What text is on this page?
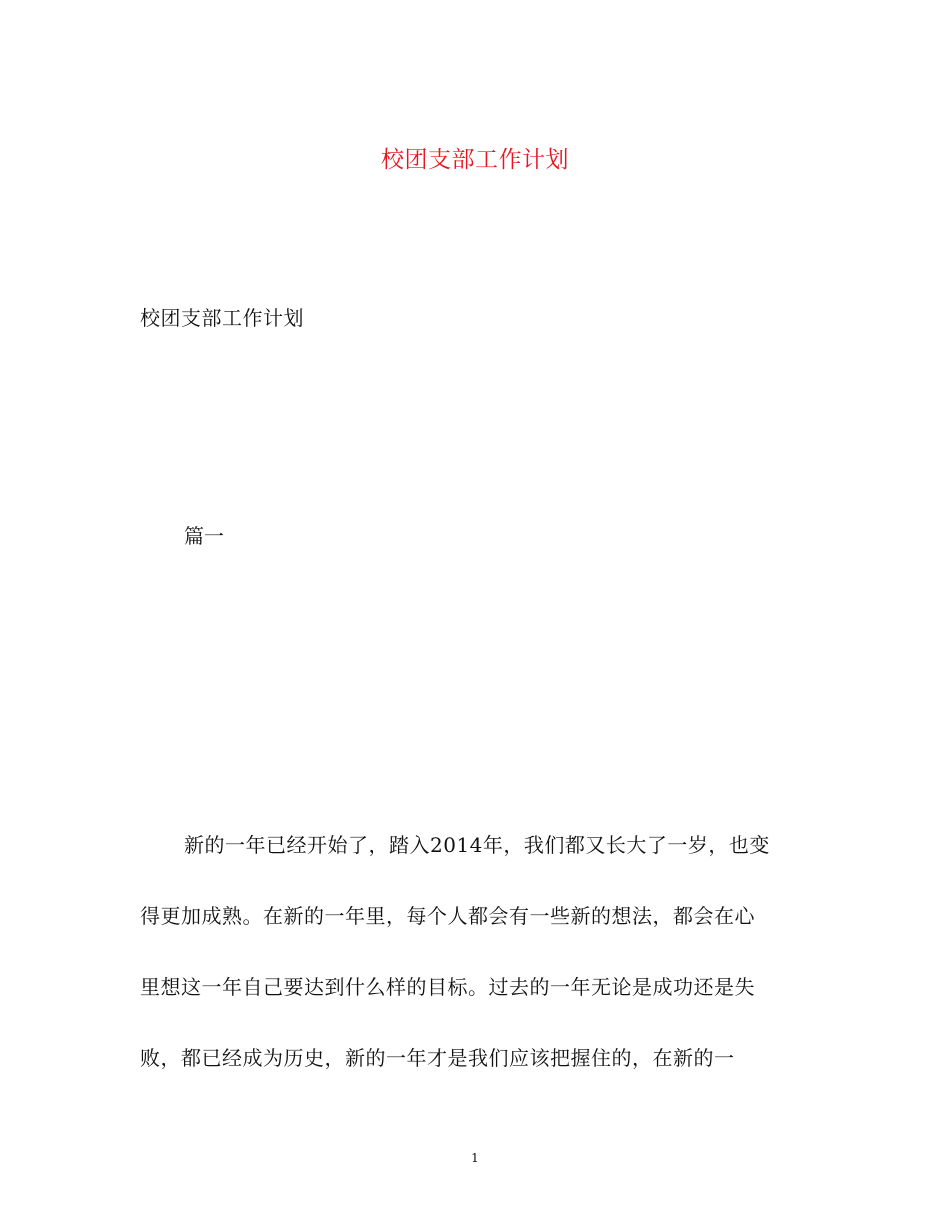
校团支部工作计划
校团支部工作计划
篇一
新的一年已经开始了，踏入2014年，我们都又长大了一岁，也变
得更加成熟。在新的一年里，每个人都会有一些新的想法，都会在心
里想这一年自己要达到什么样的目标。过去的一年无论是成功还是失
败，都已经成为历史，新的一年才是我们应该把握住的，在新的一
1
